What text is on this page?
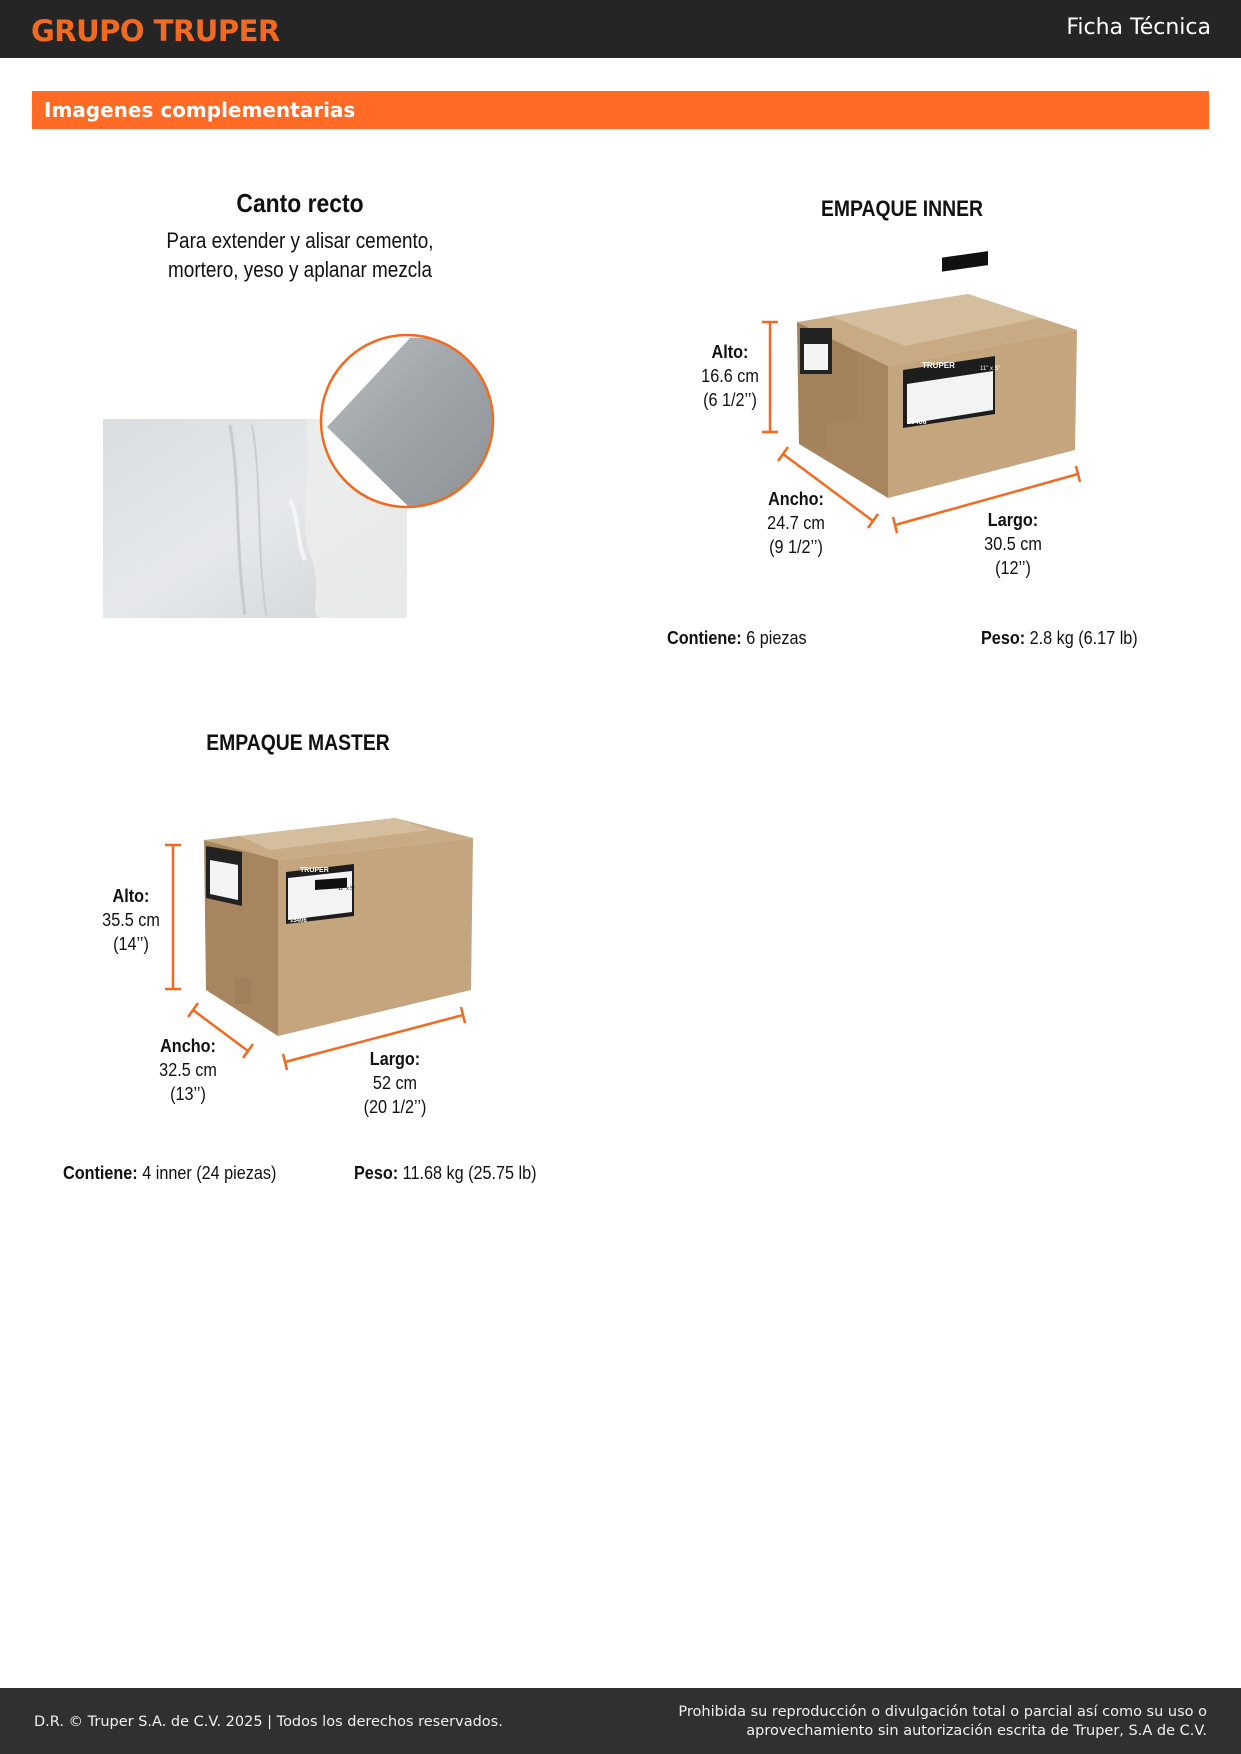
GRUPO TRUPER	Ficha Técnica
Imagenes complementarias
Canto recto
Para extender y alisar cemento,
mortero, yeso y aplanar mezcla
EMPAQUE INNER
TRUPER
15406
11" x 5"
Alto:
16.6 cm
(6 1/2’’)
Ancho:
24.7 cm
(9 1/2’’)
Largo:
30.5 cm
(12’’)
Contiene: 6 piezas	Peso: 2.8 kg (6.17 lb)
EMPAQUE MASTER
TRUPER
15406
11" x 5"
Alto:
35.5 cm
(14’’)
Ancho:
32.5 cm
(13’’)
Largo:
52 cm
(20 1/2’’)
Contiene: 4 inner (24 piezas)	Peso: 11.68 kg (25.75 lb)
D.R. © Truper S.A. de C.V. 2025 | Todos los derechos reservados.
Prohibida su reproducción o divulgación total o parcial así como su uso o
aprovechamiento sin autorización escrita de Truper, S.A de C.V.
